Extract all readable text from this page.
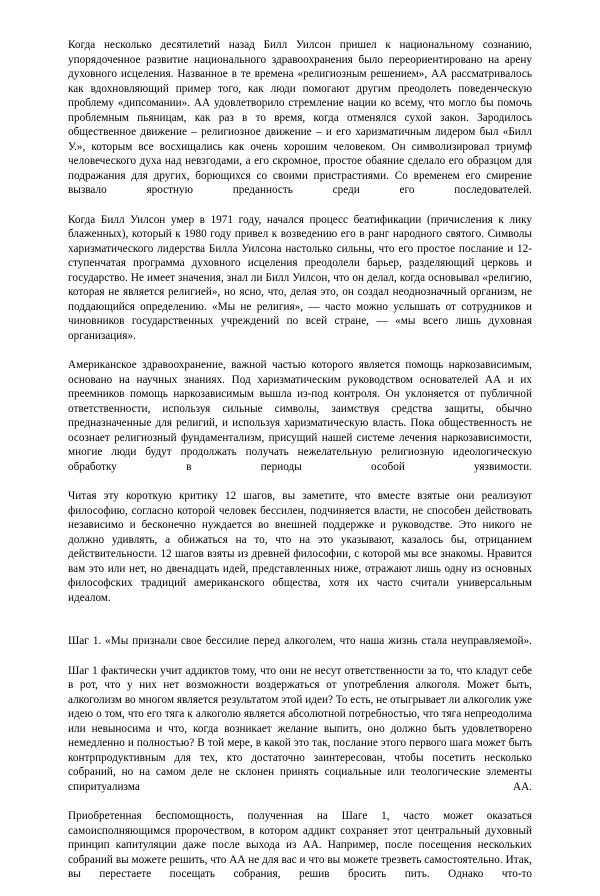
Когда несколько десятилетий назад Билл Уилсон пришел к национальному сознанию, упорядоченное развитие национального здравоохранения было переориентировано на арену духовного исцеления. Названное в те времена «религиозным решением», АА рассматривалось как вдохновляющий пример того, как люди помогают другим преодолеть поведенческую проблему «дипсомании». АА удовлетворило стремление нации ко всему, что могло бы помочь проблемным пьяницам, как раз в то время, когда отменялся сухой закон. Зародилось общественное движение – религиозное движение – и его харизматичным лидером был «Билл У.», которым все восхищались как очень хорошим человеком. Он символизировал триумф человеческого духа над невзгодами, а его скромное, простое обаяние сделало его образцом для подражания для других, борющихся со своими пристрастиями. Со временем его смирение вызвало яростную преданность среди его последователей.

Когда Билл Уилсон умер в 1971 году, начался процесс беатификации (причисления к лику блаженных), который к 1980 году привел к возведению его в ранг народного святого. Символы харизматического лидерства Билла Уилсона настолько сильны, что его простое послание и 12-ступенчатая программа духовного исцеления преодолели барьер, разделяющий церковь и государство. Не имеет значения, знал ли Билл Уилсон, что он делал, когда основывал «религию, которая не является религией», но ясно, что, делая это, он создал неоднозначный организм, не поддающийся определению. «Мы не религия», — часто можно услышать от сотрудников и чиновников государственных учреждений по всей стране, — «мы всего лишь духовная организация».

Американское здравоохранение, важной частью которого является помощь наркозависимым, основано на научных знаниях. Под харизматическим руководством основателей АА и их преемников помощь наркозависимым вышла из-под контроля. Он уклоняется от публичной ответственности, используя сильные символы, заимствуя средства защиты, обычно предназначенные для религий, и используя харизматическую власть. Пока общественность не осознает религиозный фундаментализм, присущий нашей системе лечения наркозависимости, многие люди будут продолжать получать нежелательную религиозную идеологическую обработку в периоды особой уязвимости.

Читая эту короткую критику 12 шагов, вы заметите, что вместе взятые они реализуют философию, согласно которой человек бессилен, подчиняется власти, не способен действовать независимо и бесконечно нуждается во внешней поддержке и руководстве. Это никого не должно удивлять, а обижаться на то, что на это указывают, казалось бы, отрицанием действительности. 12 шагов взяты из древней философии, с которой мы все знакомы. Нравится вам это или нет, но двенадцать идей, представленных ниже, отражают лишь одну из основных философских традиций американского общества, хотя их часто считали универсальным идеалом.

Шаг 1. «Мы признали свое бессилие перед алкоголем, что наша жизнь стала неуправляемой».

Шаг 1 фактически учит аддиктов тому, что они не несут ответственности за то, что кладут себе в рот, что у них нет возможности воздержаться от употребления алкоголя. Может быть, алкоголизм во многом является результатом этой идеи? То есть, не отыгрывает ли алкоголик уже идею о том, что его тяга к алкоголю является абсолютной потребностью, что тяга непреодолима или невыносима и что, когда возникает желание выпить, оно должно быть удовлетворено немедленно и полностью? В той мере, в какой это так, послание этого первого шага может быть контрпродуктивным для тех, кто достаточно заинтересован, чтобы посетить несколько собраний, но на самом деле не склонен принять социальные или теологические элементы спиритуализма АА.

Приобретенная беспомощность, полученная на Шаге 1, часто может оказаться самоисполняющимся пророчеством, в котором аддикт сохраняет этот центральный духовный принцип капитуляции даже после выхода из АА. Например, после посещения нескольких собраний вы можете решить, что АА не для вас и что вы можете трезветь самостоятельно. Итак, вы перестаете посещать собрания, решив бросить пить. Однако что-то
